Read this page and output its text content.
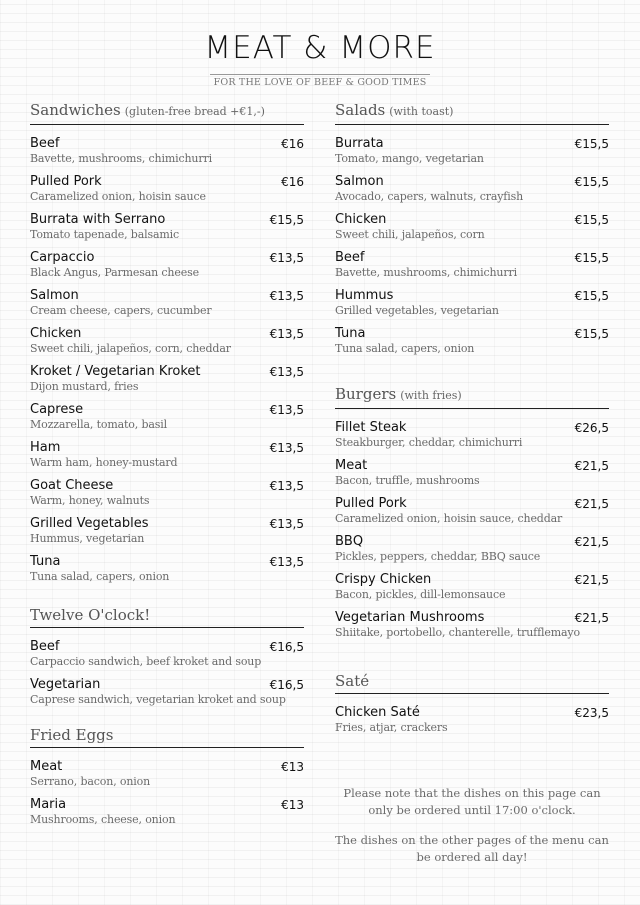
MEAT & MORE
FOR THE LOVE OF BEEF & GOOD TIMES
Sandwiches (gluten-free bread +€1,-)
Beef	€16
Bavette, mushrooms, chimichurri
Pulled Pork	€16
Caramelized onion, hoisin sauce
Burrata with Serrano	€15,5
Tomato tapenade, balsamic
Carpaccio	€13,5
Black Angus, Parmesan cheese
Salmon	€13,5
Cream cheese, capers, cucumber
Chicken	€13,5
Sweet chili, jalapeños, corn, cheddar
Kroket / Vegetarian Kroket	€13,5
Dijon mustard, fries
Caprese	€13,5
Mozzarella, tomato, basil
Ham	€13,5
Warm ham, honey-mustard
Goat Cheese	€13,5
Warm, honey, walnuts
Grilled Vegetables	€13,5
Hummus, vegetarian
Tuna	€13,5
Tuna salad, capers, onion
Twelve O'clock!
Beef	€16,5
Carpaccio sandwich, beef kroket and soup
Vegetarian	€16,5
Caprese sandwich, vegetarian kroket and soup
Fried Eggs
Meat	€13
Serrano, bacon, onion
Maria	€13
Mushrooms, cheese, onion
Salads (with toast)
Burrata	€15,5
Tomato, mango, vegetarian
Salmon	€15,5
Avocado, capers, walnuts, crayfish
Chicken	€15,5
Sweet chili, jalapeños, corn
Beef	€15,5
Bavette, mushrooms, chimichurri
Hummus	€15,5
Grilled vegetables, vegetarian
Tuna	€15,5
Tuna salad, capers, onion
Burgers (with fries)
Fillet Steak	€26,5
Steakburger, cheddar, chimichurri
Meat	€21,5
Bacon, truffle, mushrooms
Pulled Pork	€21,5
Caramelized onion, hoisin sauce, cheddar
BBQ	€21,5
Pickles, peppers, cheddar, BBQ sauce
Crispy Chicken	€21,5
Bacon, pickles, dill-lemonsauce
Vegetarian Mushrooms	€21,5
Shiitake, portobello, chanterelle, trufflemayo
Saté
Chicken Saté	€23,5
Fries, atjar, crackers

Please note that the dishes on this page can only be ordered until 17:00 o'clock.

The dishes on the other pages of the menu can be ordered all day!
